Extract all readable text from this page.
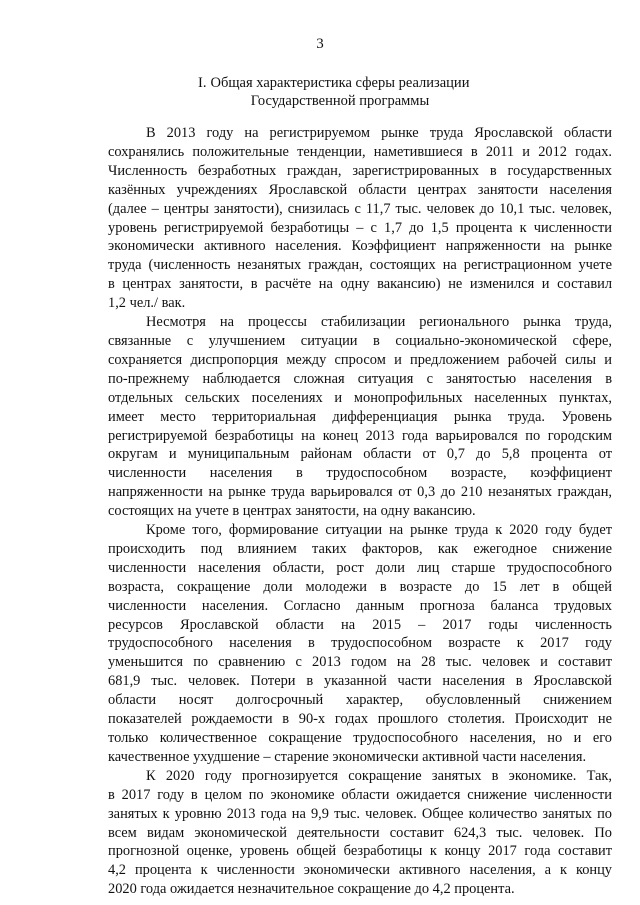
3
I. Общая характеристика сферы реализации
Государственной программы

В 2013 году на регистрируемом рынке труда Ярославской области
сохранялись положительные тенденции, наметившиеся в 2011 и 2012 годах.
Численность безработных граждан, зарегистрированных в государственных
казённых учреждениях Ярославской области центрах занятости населения
(далее – центры занятости), снизилась с 11,7 тыс. человек до 10,1 тыс. человек,
уровень регистрируемой безработицы – с 1,7 до 1,5 процента к численности
экономически активного населения. Коэффициент напряженности на рынке
труда (численность незанятых граждан, состоящих на регистрационном учете
в центрах занятости, в расчёте на одну вакансию) не изменился и составил
1,2 чел./ вак.

Несмотря на процессы стабилизации регионального рынка труда,
связанные с улучшением ситуации в социально-экономической сфере,
сохраняется диспропорция между спросом и предложением рабочей силы и
по-прежнему наблюдается сложная ситуация с занятостью населения в
отдельных сельских поселениях и монопрофильных населенных пунктах,
имеет место территориальная дифференциация рынка труда. Уровень
регистрируемой безработицы на конец 2013 года варьировался по городским
округам и муниципальным районам области от 0,7 до 5,8 процента от
численности населения в трудоспособном возрасте, коэффициент
напряженности на рынке труда варьировался от 0,3 до 210 незанятых граждан,
состоящих на учете в центрах занятости, на одну вакансию.

Кроме того, формирование ситуации на рынке труда к 2020 году будет
происходить под влиянием таких факторов, как ежегодное снижение
численности населения области, рост доли лиц старше трудоспособного
возраста, сокращение доли молодежи в возрасте до 15 лет в общей
численности населения. Согласно данным прогноза баланса трудовых
ресурсов Ярославской области на 2015 – 2017 годы численность
трудоспособного населения в трудоспособном возрасте к 2017 году
уменьшится по сравнению с 2013 годом на 28 тыс. человек и составит
681,9 тыс. человек. Потери в указанной части населения в Ярославской
области носят долгосрочный характер, обусловленный снижением
показателей рождаемости в 90-х годах прошлого столетия. Происходит не
только количественное сокращение трудоспособного населения, но и его
качественное ухудшение – старение экономически активной части населения.

К 2020 году прогнозируется сокращение занятых в экономике. Так,
в 2017 году в целом по экономике области ожидается снижение численности
занятых к уровню 2013 года на 9,9 тыс. человек. Общее количество занятых по
всем видам экономической деятельности составит 624,3 тыс. человек. По
прогнозной оценке, уровень общей безработицы к концу 2017 года составит
4,2 процента к численности экономически активного населения, а к концу
2020 года ожидается незначительное сокращение до 4,2 процента.
